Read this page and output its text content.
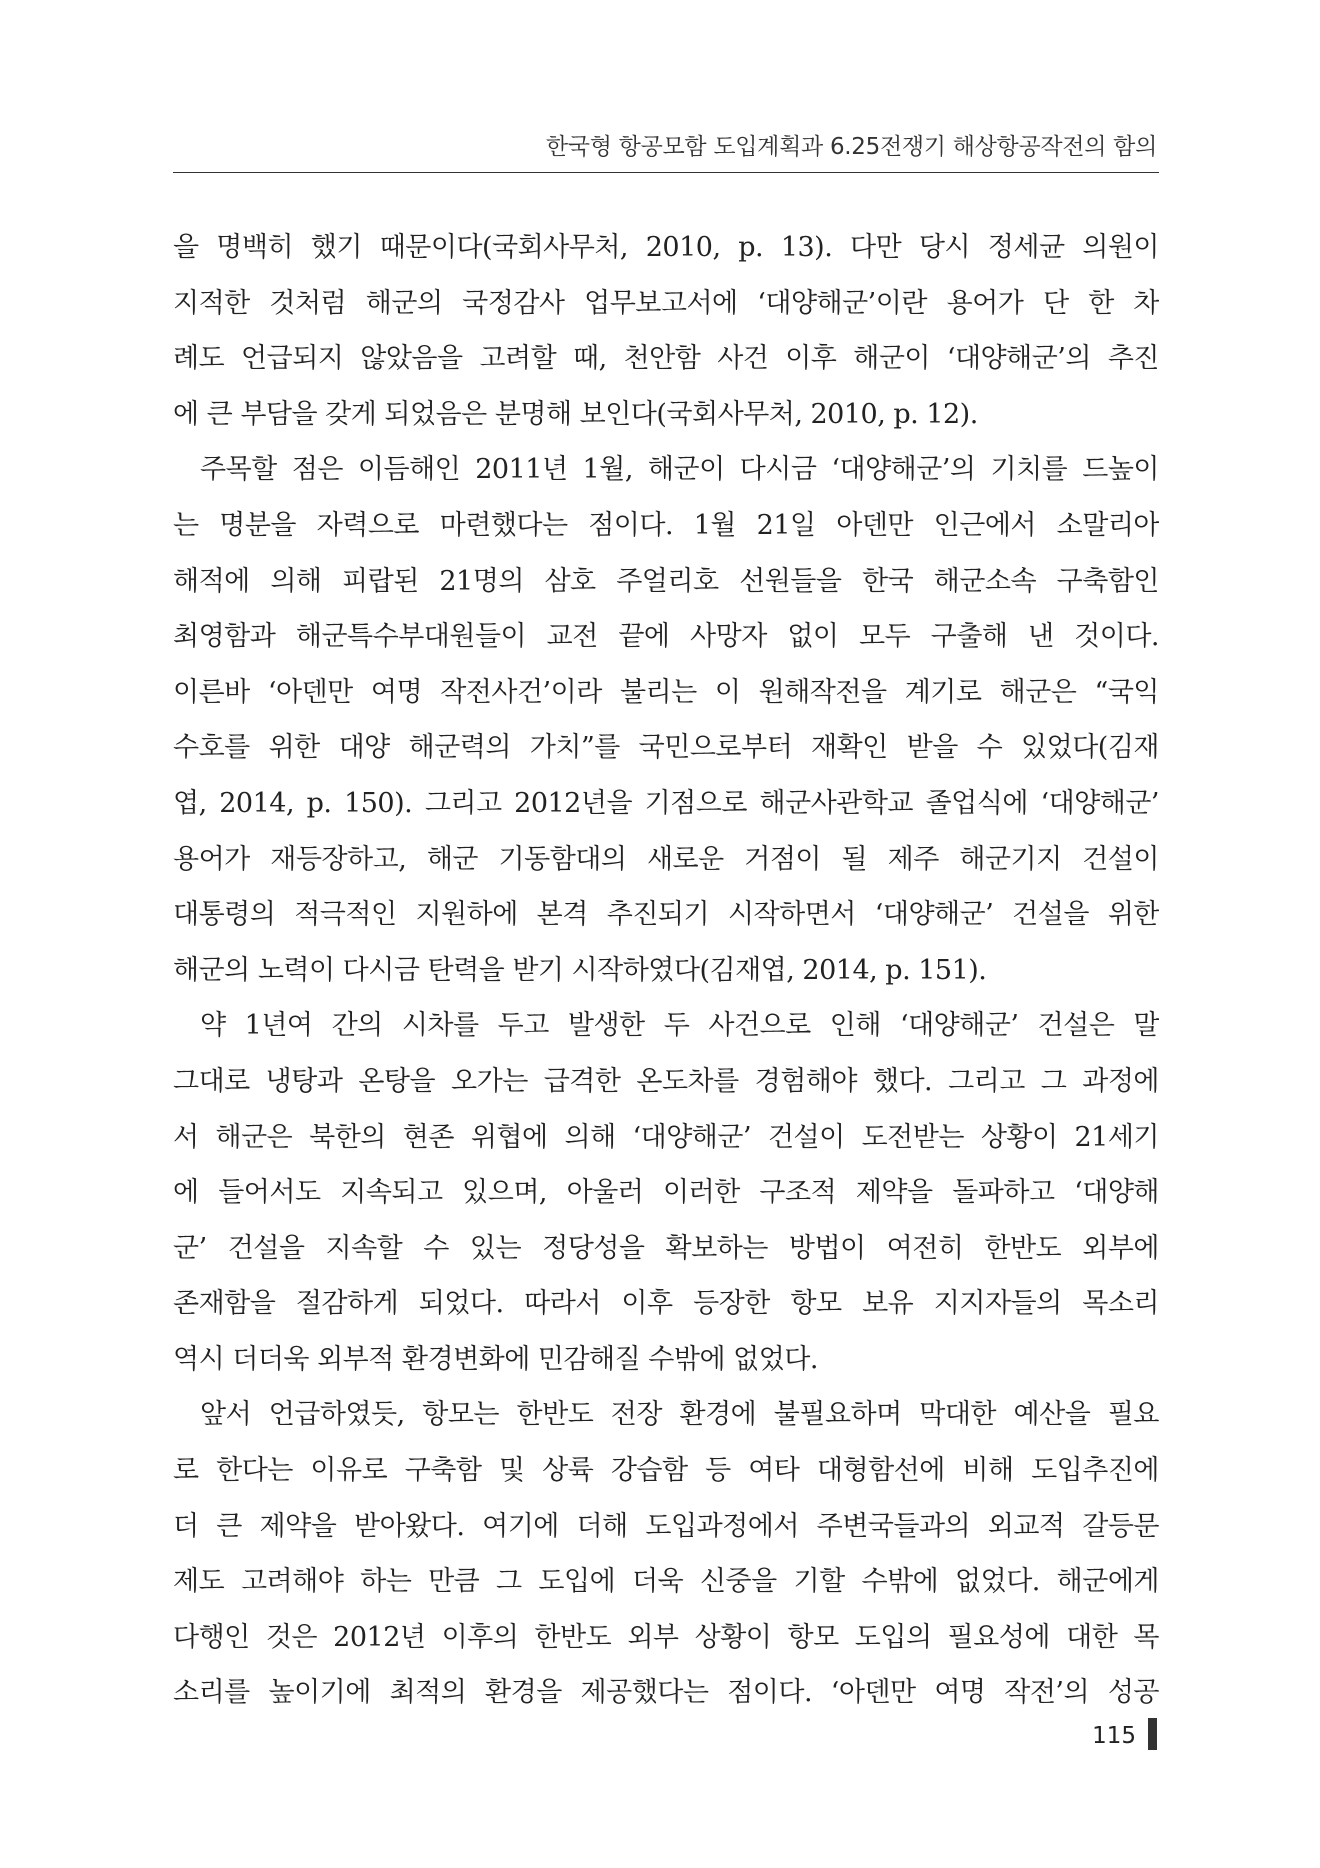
한국형 항공모함 도입계획과 6.25전쟁기 해상항공작전의 함의

을 명백히 했기 때문이다(국회사무처, 2010, p. 13). 다만 당시 정세균 의원이

지적한 것처럼 해군의 국정감사 업무보고서에 ‘대양해군’이란 용어가 단 한 차

례도 언급되지 않았음을 고려할 때, 천안함 사건 이후 해군이 ‘대양해군’의 추진

에 큰 부담을 갖게 되었음은 분명해 보인다(국회사무처, 2010, p. 12).

주목할 점은 이듬해인 2011년 1월, 해군이 다시금 ‘대양해군’의 기치를 드높이

는 명분을 자력으로 마련했다는 점이다. 1월 21일 아덴만 인근에서 소말리아

해적에 의해 피랍된 21명의 삼호 주얼리호 선원들을 한국 해군소속 구축함인

최영함과 해군특수부대원들이 교전 끝에 사망자 없이 모두 구출해 낸 것이다.

이른바 ‘아덴만 여명 작전사건’이라 불리는 이 원해작전을 계기로 해군은 “국익

수호를 위한 대양 해군력의 가치”를 국민으로부터 재확인 받을 수 있었다(김재

엽, 2014, p. 150). 그리고 2012년을 기점으로 해군사관학교 졸업식에 ‘대양해군’

용어가 재등장하고, 해군 기동함대의 새로운 거점이 될 제주 해군기지 건설이

대통령의 적극적인 지원하에 본격 추진되기 시작하면서 ‘대양해군’ 건설을 위한

해군의 노력이 다시금 탄력을 받기 시작하였다(김재엽, 2014, p. 151).

약 1년여 간의 시차를 두고 발생한 두 사건으로 인해 ‘대양해군’ 건설은 말

그대로 냉탕과 온탕을 오가는 급격한 온도차를 경험해야 했다. 그리고 그 과정에

서 해군은 북한의 현존 위협에 의해 ‘대양해군’ 건설이 도전받는 상황이 21세기

에 들어서도 지속되고 있으며, 아울러 이러한 구조적 제약을 돌파하고 ‘대양해

군’ 건설을 지속할 수 있는 정당성을 확보하는 방법이 여전히 한반도 외부에

존재함을 절감하게 되었다. 따라서 이후 등장한 항모 보유 지지자들의 목소리

역시 더더욱 외부적 환경변화에 민감해질 수밖에 없었다.

앞서 언급하였듯, 항모는 한반도 전장 환경에 불필요하며 막대한 예산을 필요

로 한다는 이유로 구축함 및 상륙 강습함 등 여타 대형함선에 비해 도입추진에

더 큰 제약을 받아왔다. 여기에 더해 도입과정에서 주변국들과의 외교적 갈등문

제도 고려해야 하는 만큼 그 도입에 더욱 신중을 기할 수밖에 없었다. 해군에게

다행인 것은 2012년 이후의 한반도 외부 상황이 항모 도입의 필요성에 대한 목

소리를 높이기에 최적의 환경을 제공했다는 점이다. ‘아덴만 여명 작전’의 성공

115
